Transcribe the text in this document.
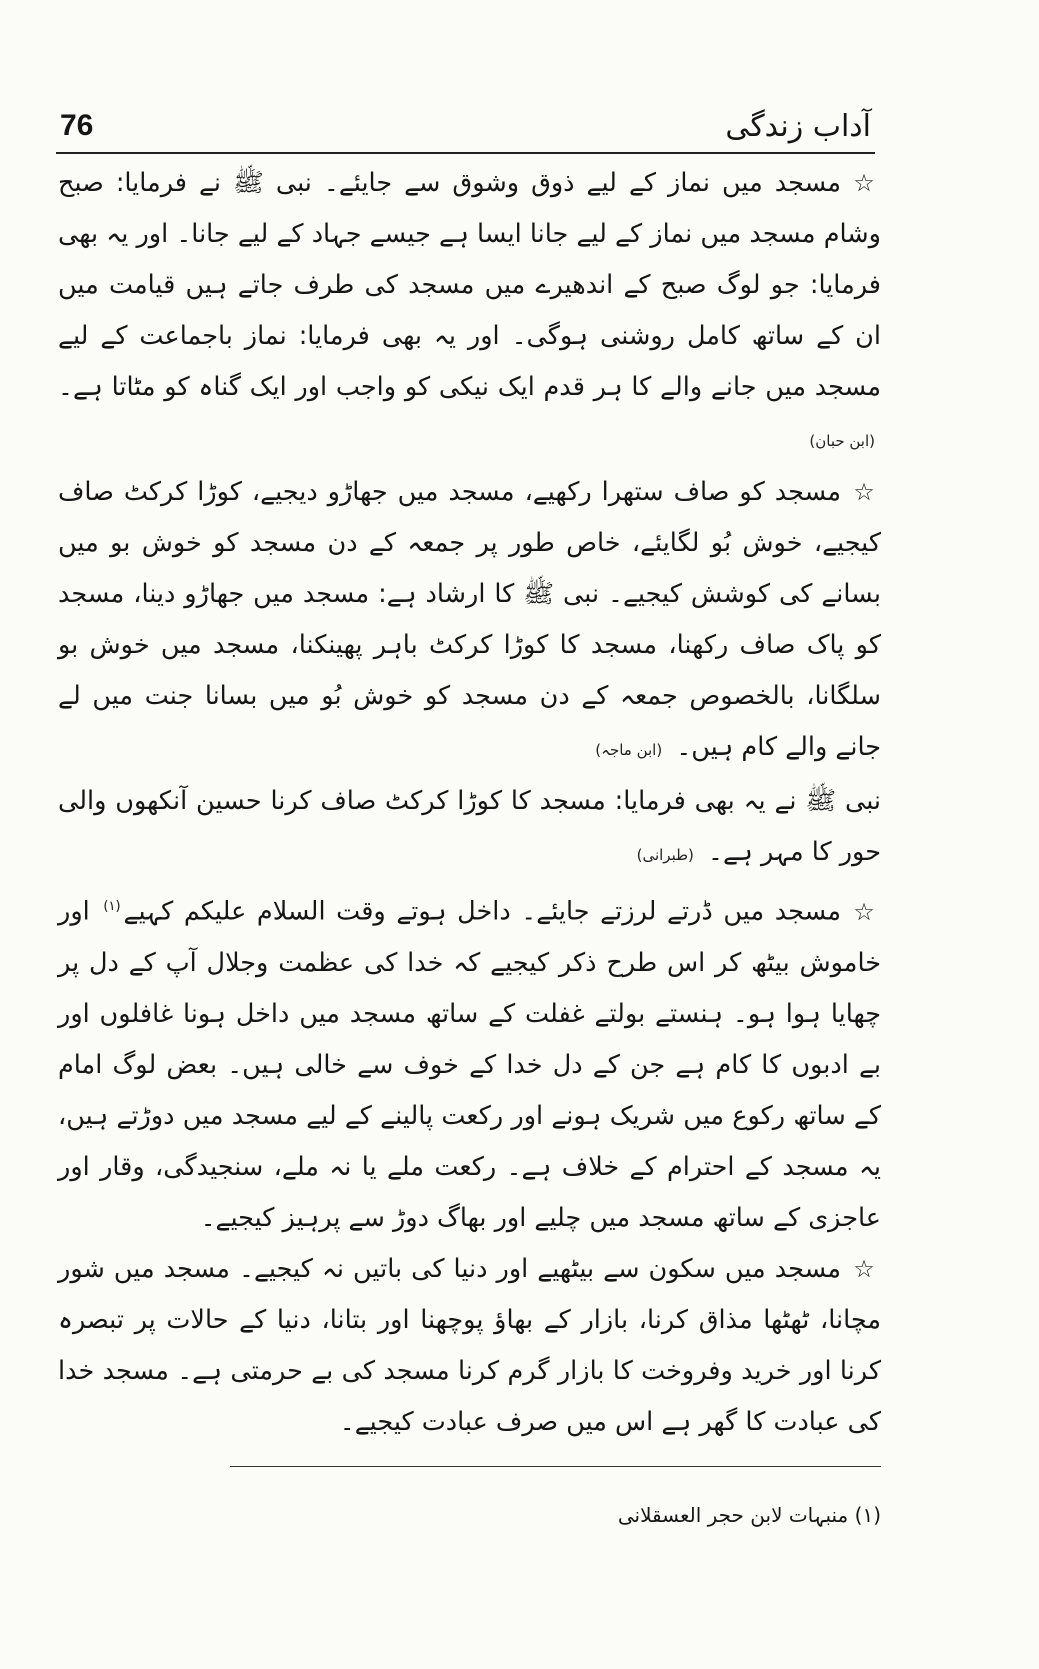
76	آداب زندگی

☆مسجد میں نماز کے لیے ذوق وشوق سے جایئے۔ نبی ﷺ نے فرمایا: صبح وشام مسجد میں نماز کے لیے جانا ایسا ہے جیسے جہاد کے لیے جانا۔ اور یہ بھی فرمایا: جو لوگ صبح کے اندھیرے میں مسجد کی طرف جاتے ہیں قیامت میں ان کے ساتھ کامل روشنی ہوگی۔ اور یہ بھی فرمایا: نماز باجماعت کے لیے مسجد میں جانے والے کا ہر قدم ایک نیکی کو واجب اور ایک گناہ کو مٹاتا ہے۔ (ابن حبان)

☆مسجد کو صاف ستھرا رکھیے، مسجد میں جھاڑو دیجیے، کوڑا کرکٹ صاف کیجیے، خوش بُو لگایئے، خاص طور پر جمعہ کے دن مسجد کو خوش بو میں بسانے کی کوشش کیجیے۔ نبی ﷺ کا ارشاد ہے: مسجد میں جھاڑو دینا، مسجد کو پاک صاف رکھنا، مسجد کا کوڑا کرکٹ باہر پھینکنا، مسجد میں خوش بو سلگانا، بالخصوص جمعہ کے دن مسجد کو خوش بُو میں بسانا جنت میں لے جانے والے کام ہیں۔ (ابن ماجہ)

نبی ﷺ نے یہ بھی فرمایا: مسجد کا کوڑا کرکٹ صاف کرنا حسین آنکھوں والی حور کا مہر ہے۔ (طبرانی)

☆مسجد میں ڈرتے لرزتے جایئے۔ داخل ہوتے وقت السلام علیکم کہیے$^{(۱)}$ اور خاموش بیٹھ کر اس طرح ذکر کیجیے کہ خدا کی عظمت وجلال آپ کے دل پر چھایا ہوا ہو۔ ہنستے بولتے غفلت کے ساتھ مسجد میں داخل ہونا غافلوں اور بے ادبوں کا کام ہے جن کے دل خدا کے خوف سے خالی ہیں۔ بعض لوگ امام کے ساتھ رکوع میں شریک ہونے اور رکعت پالینے کے لیے مسجد میں دوڑتے ہیں، یہ مسجد کے احترام کے خلاف ہے۔ رکعت ملے یا نہ ملے، سنجیدگی، وقار اور عاجزی کے ساتھ مسجد میں چلیے اور بھاگ دوڑ سے پرہیز کیجیے۔

☆مسجد میں سکون سے بیٹھیے اور دنیا کی باتیں نہ کیجیے۔ مسجد میں شور مچانا، ٹھٹھا مذاق کرنا، بازار کے بھاؤ پوچھنا اور بتانا، دنیا کے حالات پر تبصرہ کرنا اور خرید وفروخت کا بازار گرم کرنا مسجد کی بے حرمتی ہے۔ مسجد خدا کی عبادت کا گھر ہے اس میں صرف عبادت کیجیے۔

(۱) منبہات لابن حجر العسقلانی
